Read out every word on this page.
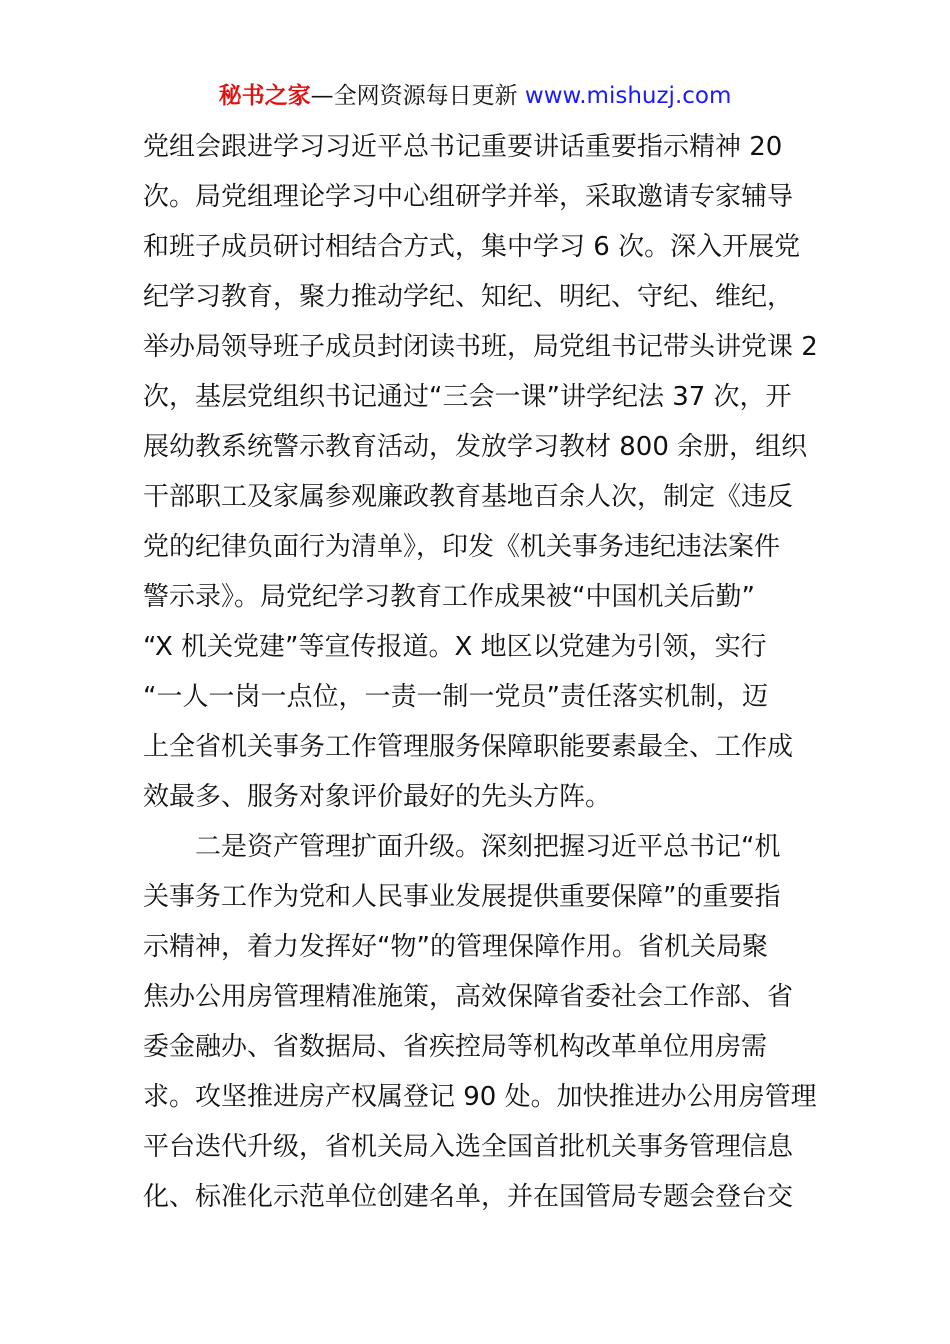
秘书之家—全网资源每日更新 www.mishuzj.com
党组会跟进学习习近平总书记重要讲话重要指示精神 20
次。局党组理论学习中心组研学并举，采取邀请专家辅导
和班子成员研讨相结合方式，集中学习 6 次。深入开展党
纪学习教育，聚力推动学纪、知纪、明纪、守纪、维纪，
举办局领导班子成员封闭读书班，局党组书记带头讲党课 2
次，基层党组织书记通过“三会一课”讲学纪法 37 次，开
展幼教系统警示教育活动，发放学习教材 800 余册，组织
干部职工及家属参观廉政教育基地百余人次，制定《违反
党的纪律负面行为清单》，印发《机关事务违纪违法案件
警示录》。局党纪学习教育工作成果被“中国机关后勤”
“X 机关党建”等宣传报道。X 地区以党建为引领，实行
“一人一岗一点位，一责一制一党员”责任落实机制，迈
上全省机关事务工作管理服务保障职能要素最全、工作成
效最多、服务对象评价最好的先头方阵。
二是资产管理扩面升级。深刻把握习近平总书记“机
关事务工作为党和人民事业发展提供重要保障”的重要指
示精神，着力发挥好“物”的管理保障作用。省机关局聚
焦办公用房管理精准施策，高效保障省委社会工作部、省
委金融办、省数据局、省疾控局等机构改革单位用房需
求。攻坚推进房产权属登记 90 处。加快推进办公用房管理
平台迭代升级，省机关局入选全国首批机关事务管理信息
化、标准化示范单位创建名单，并在国管局专题会登台交
